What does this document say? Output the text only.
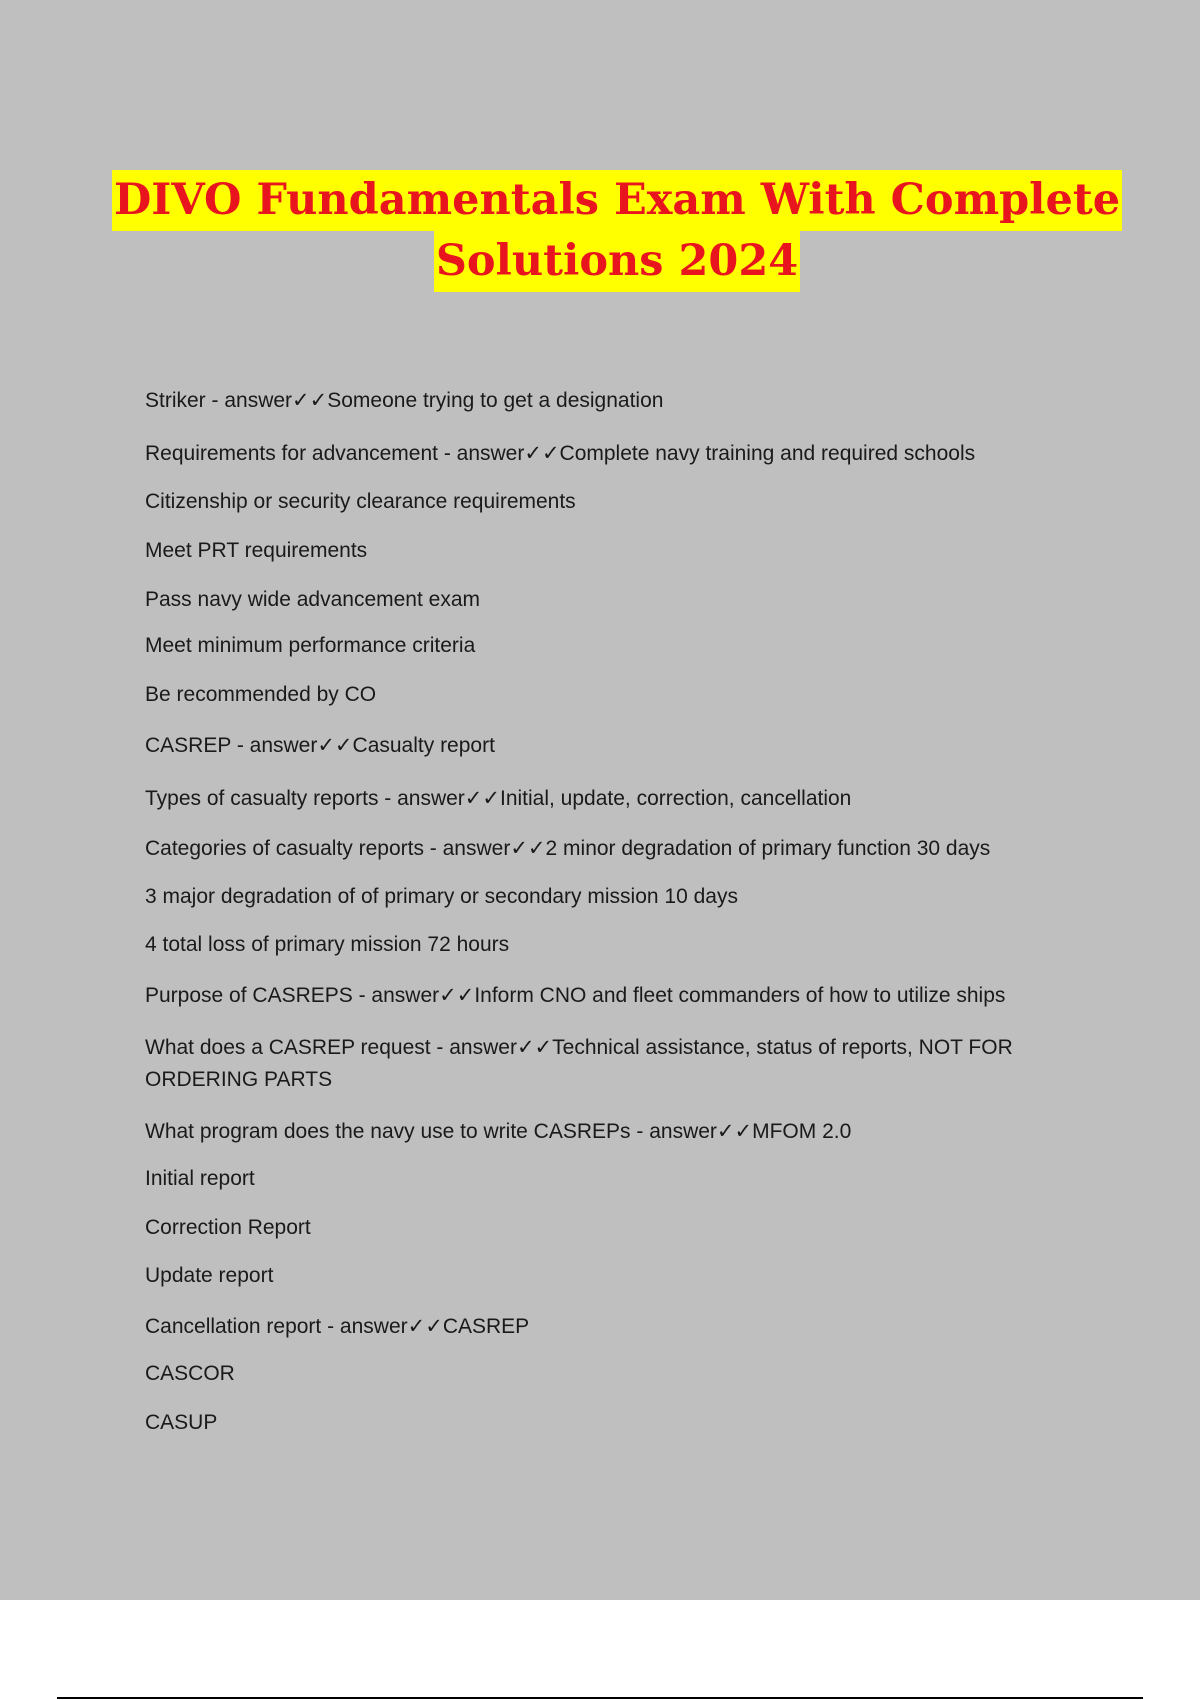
DIVO Fundamentals Exam With Complete
Solutions 2024
Striker - answer✓✓Someone trying to get a designation
Requirements for advancement - answer✓✓Complete navy training and required schools
Citizenship or security clearance requirements
Meet PRT requirements
Pass navy wide advancement exam
Meet minimum performance criteria
Be recommended by CO
CASREP - answer✓✓Casualty report
Types of casualty reports - answer✓✓Initial, update, correction, cancellation
Categories of casualty reports - answer✓✓2 minor degradation of primary function 30 days
3 major degradation of of primary or secondary mission 10 days
4 total loss of primary mission 72 hours
Purpose of CASREPS - answer✓✓Inform CNO and fleet commanders of how to utilize ships
What does a CASREP request - answer✓✓Technical assistance, status of reports, NOT FOR ORDERING PARTS
What program does the navy use to write CASREPs - answer✓✓MFOM 2.0
Initial report
Correction Report
Update report
Cancellation report - answer✓✓CASREP
CASCOR
CASUP
